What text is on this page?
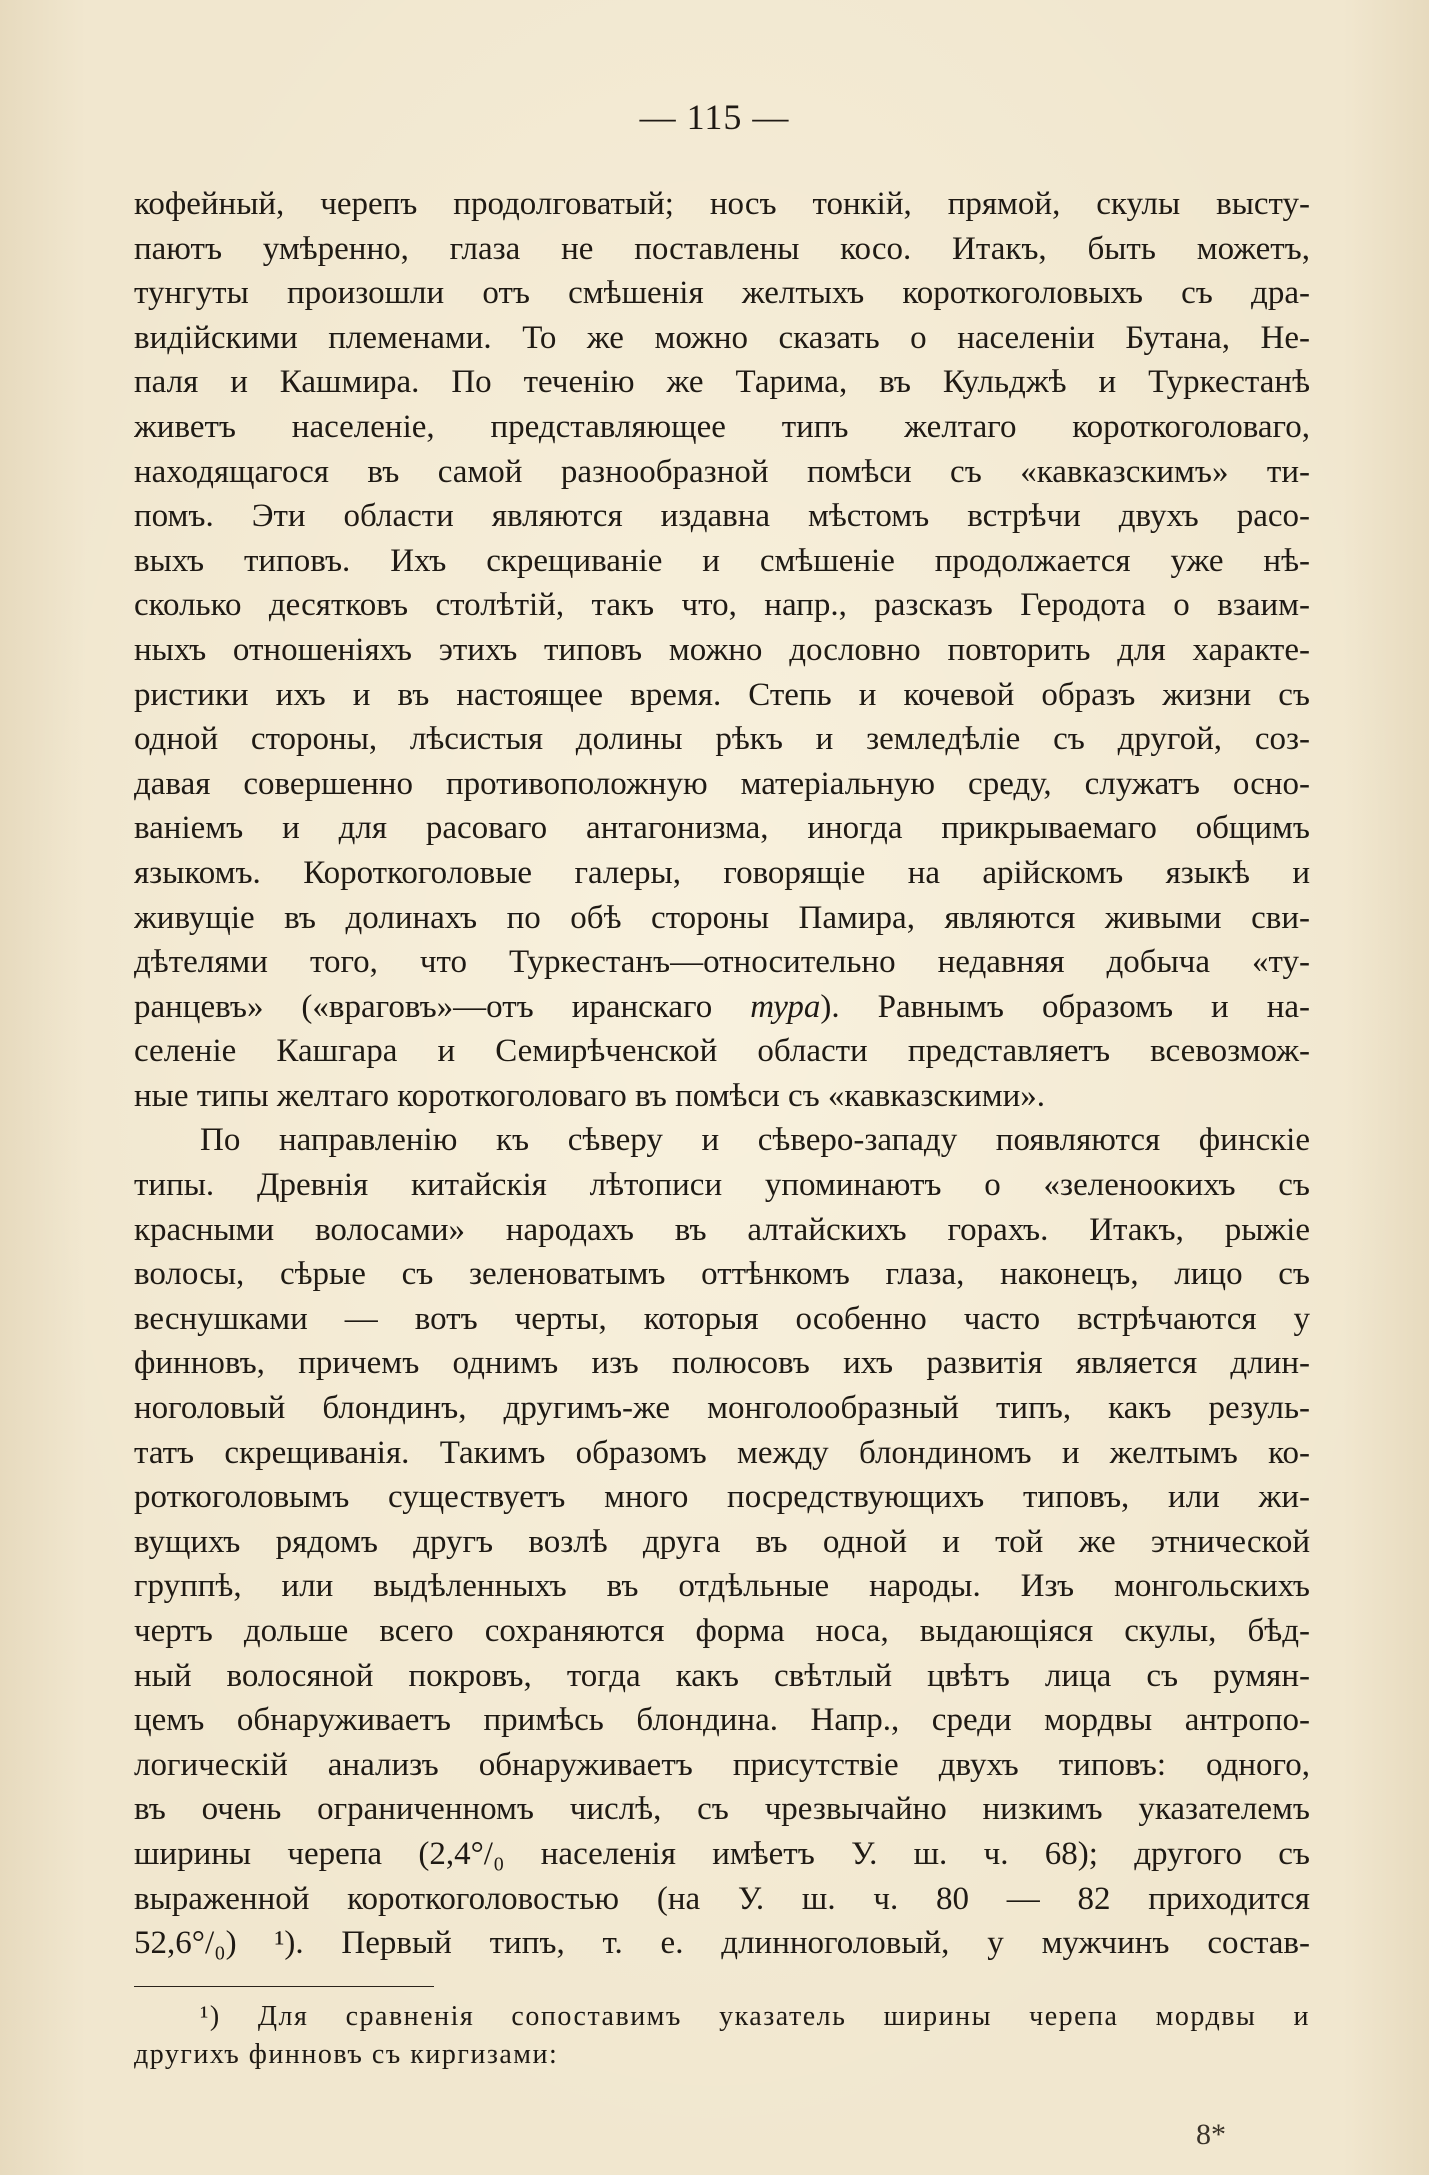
— 115 —
кофейный, черепъ продолговатый; носъ тонкій, прямой, скулы высту-
паютъ умѣренно, глаза не поставлены косо. Итакъ, быть можетъ,
тунгуты произошли отъ смѣшенія желтыхъ короткоголовыхъ съ дра-
видійскими племенами. То же можно сказать о населеніи Бутана, Не-
паля и Кашмира. По теченію же Тарима, въ Кульджѣ и Туркестанѣ
живетъ населеніе, представляющее типъ желтаго короткоголоваго,
находящагося въ самой разнообразной помѣси съ «кавказскимъ» ти-
помъ. Эти области являются издавна мѣстомъ встрѣчи двухъ расо-
выхъ типовъ. Ихъ скрещиваніе и смѣшеніе продолжается уже нѣ-
сколько десятковъ столѣтій, такъ что, напр., разсказъ Геродота о взаим-
ныхъ отношеніяхъ этихъ типовъ можно дословно повторить для характе-
ристики ихъ и въ настоящее время. Степь и кочевой образъ жизни съ
одной стороны, лѣсистыя долины рѣкъ и земледѣліе съ другой, соз-
давая совершенно противоположную матеріальную среду, служатъ осно-
ваніемъ и для расоваго антагонизма, иногда прикрываемаго общимъ
языкомъ. Короткоголовые галеры, говорящіе на арійскомъ языкѣ и
живущіе въ долинахъ по обѣ стороны Памира, являются живыми сви-
дѣтелями того, что Туркестанъ—относительно недавняя добыча «ту-
ранцевъ» («враговъ»—отъ иранскаго тура). Равнымъ образомъ и на-
селеніе Кашгара и Семирѣченской области представляетъ всевозмож-
ные типы желтаго короткоголоваго въ помѣси съ «кавказскими».
По направленію къ сѣверу и сѣверо-западу появляются финскіе
типы. Древнія китайскія лѣтописи упоминаютъ о «зеленоокихъ съ
красными волосами» народахъ въ алтайскихъ горахъ. Итакъ, рыжіе
волосы, сѣрые съ зеленоватымъ оттѣнкомъ глаза, наконецъ, лицо съ
веснушками — вотъ черты, которыя особенно часто встрѣчаются у
финновъ, причемъ однимъ изъ полюсовъ ихъ развитія является длин-
ноголовый блондинъ, другимъ-же монголообразный типъ, какъ резуль-
татъ скрещиванія. Такимъ образомъ между блондиномъ и желтымъ ко-
роткоголовымъ существуетъ много посредствующихъ типовъ, или жи-
вущихъ рядомъ другъ возлѣ друга въ одной и той же этнической
группѣ, или выдѣленныхъ въ отдѣльные народы. Изъ монгольскихъ
чертъ дольше всего сохраняются форма носа, выдающіяся скулы, бѣд-
ный волосяной покровъ, тогда какъ свѣтлый цвѣтъ лица съ румян-
цемъ обнаруживаетъ примѣсь блондина. Напр., среди мордвы антропо-
логическій анализъ обнаруживаетъ присутствіе двухъ типовъ: одного,
въ очень ограниченномъ числѣ, съ чрезвычайно низкимъ указателемъ
ширины черепа (2,4°/₀ населенія имѣетъ У. ш. ч. 68); другого съ
выраженной короткоголовостью (на У. ш. ч. 80 — 82 приходится
52,6°/₀) ¹). Первый типъ, т. е. длинноголовый, у мужчинъ состав-
¹) Для сравненія сопоставимъ указатель ширины черепа мордвы и
другихъ финновъ съ киргизами:
8*
